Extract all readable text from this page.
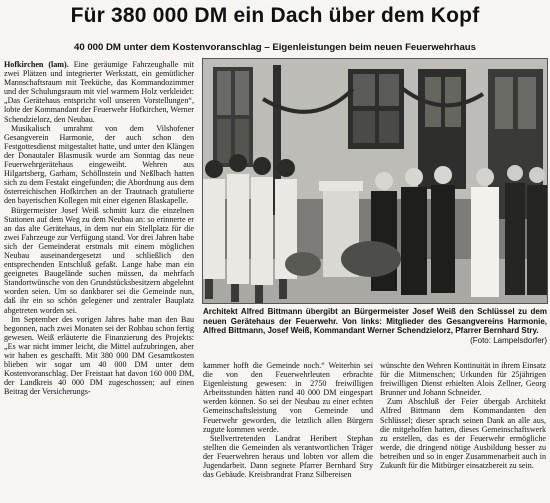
Für 380 000 DM ein Dach über dem Kopf
40 000 DM unter dem Kostenvoranschlag – Eigenleistungen beim neuen Feuerwehrhaus

Hofkirchen (lam). Eine geräumige Fahrzeughalle mit zwei Plätzen und integrierter Werkstatt, ein gemütlicher Mannschaftsraum mit Teeküche, das Kommandozimmer und der Schulungsraum mit viel warmem Holz verkleidet: „Das Gerätehaus entspricht voll unseren Vorstellungen“, lobte der Kommandant der Feuerwehr Hofkirchen, Werner Schendzielorz, den Neubau.

Musikalisch umrahmt von dem Vilshofener Gesangverein Harmonie, der auch schon den Festgottesdienst mitgestaltet hatte, und unter den Klängen der Donautaler Blasmusik wurde am Sonntag das neue Feuerwehrgerätehaus eingeweiht. Wehren aus Hilgartsberg, Garham, Schöllnstein und Neßlbach hatten sich zu dem Festakt eingefunden; die Abordnung aus dem österreichischen Hofkirchen an der Trautnach gratulierte den bayerischen Kollegen mit einer eigenen Blaskapelle.

Bürgermeister Josef Weiß schmitt kurz die einzelnen Stationen auf dem Weg zu dem Neubau an: so erinnerte er an das alte Gerätehaus, in dem nur ein Stellplatz für die zwei Fahrzeuge zur Verfügung stand. Vor drei Jahren habe sich der Gemeinderat erstmals mit einem möglichen Neubau auseinandergesetzt und schließlich den entsprechenden Entschluß gefaßt. Lange habe man ein geeignetes Baugelände suchen müssen, da mehrfach Standortwünsche von den Grundstücksbesitzern abgelehnt worden seien. Um so dankbarer sei die Gemeinde nun, daß ihr ein so schön gelegener und zentraler Bauplatz abgetreten worden sei.

Im September des vorigen Jahres habe man den Bau begonnen, nach zwei Monaten sei der Rohbau schon fertig gewesen. Weiß erläuterte die Finanzierung des Projekts: „Es war nicht immer leicht, die Mittel aufzubringen, aber wir haben es geschafft. Mit 380 000 DM Gesamtkosten blieben wir sogar um 40 000 DM unter dem Kostenvoranschlag. Der Freistaat hat davon 160 000 DM, der Landkreis 40 000 DM zugeschossen; auf einen Beitrag der Versicherungs-

Architekt Alfred Bittmann übergibt an Bürgermeister Josef Weiß den Schlüssel zu dem neuen Gerätehaus der Feuerwehr. Von links: Mitglieder des Gesangvereins Harmonie, Alfred Bittmann, Josef Weiß, Kommandant Werner Schendzielorz, Pfarrer Bernhard Stry.
(Foto: Lampelsdorfer)

kammer hofft die Gemeinde noch.“ Weiterhin sei die von den Feuerwehrleuten erbrachte Eigenleistung gewesen: in 2750 freiwilligen Arbeitsstunden hätten rund 40 000 DM eingespart werden können. So sei der Neubau zu einer echten Gemeinschaftsleistung von Gemeinde und Feuerwehr geworden, die letztlich allen Bürgern zugute kommen werde.

Stellvertretenden Landrat Heribert Stephan stellten die Gemeinden als verantwortlichen Träger der Feuerwehren heraus und lobten vor allem die Jugendarbeit. Dann segnete Pfarrer Bernhard Stry das Gebäude. Kreisbrandrat Franz Silbereisen

wünschte den Wehren Kontinuität in ihrem Einsatz für die Mitmenschen; Urkunden für 25jährigen freiwilligen Dienst erhielten Alois Zellner, Georg Brunner und Johann Schneider.

Zum Abschluß der Feier übergab Architekt Alfred Bittmann dem Kommandanten den Schlüssel; dieser sprach seinen Dank an alle aus, die mitgeholfen hatten, dieses Gemeinschaftswerk zu erstellen, das es der Feuerwehr ermögliche werde, die dringend nötige Ausbildung besser zu betreiben und so in enger Zusammenarbeit auch in Zukunft für die Mitbürger einsatzbereit zu sein.
